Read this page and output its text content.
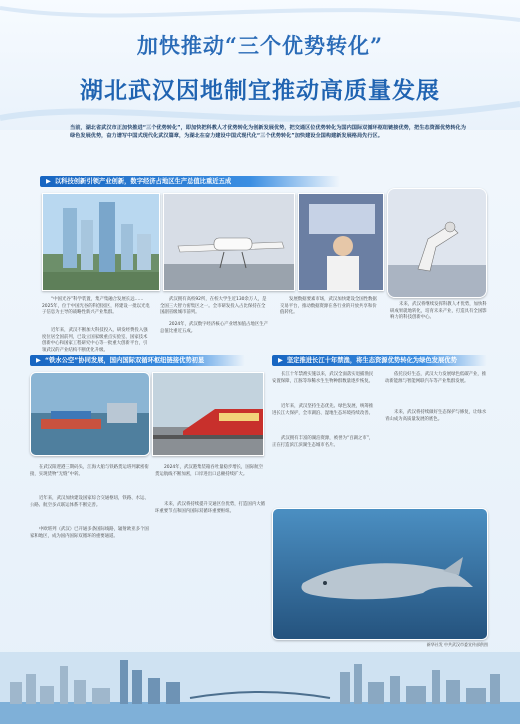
加快推动“三个优势转化”
湖北武汉因地制宜推动高质量发展
当前，湖北省武汉市正加快推进“三个优势转化”，即加快把科教人才优势转化为创新发展优势，把交通区位优势转化为国内国际双循环枢纽链接优势，把生态资源优势转化为绿色发展优势，奋力谱写中国式现代化武汉篇章，为湖北在奋力建设中国式现代化“三个优势转化”加快建设全国构建新发展格局先行区。
▶ 以科技创新引领产业创新，数字经济占地区生产总值比重近五成
“中国光谷”科学装置，集产集融合发展长远……2025年，位于中国光谷的科创园区，将建设一批以光电子信息为主导的战略性新兴产业集群。
近年来，武汉不断加大科技投入，研发经费投入强度位居全国前列，已设立国家级重点实验室、国家技术创新中心和国家工程研究中心等一批重大创新平台，引领武汉的产业结构不断优化升级。
武汉拥有高校92所，在校大学生近130余万人，是全国三大智力密集区之一。全市研发投入占比保持在全国副省级城市前列。
2024年，武汉数字经济核心产业增加值占地区生产总值比重近五成。
发展数据要素市场，武汉加快建设全国性数据交易平台，推动数据资源在各行业的开放共享和价值转化。
未来，武汉将继续发挥科教人才优势，加快科研成果就地转化，培育未来产业，打造具有全国影响力的科技创新中心。
▶ “铁水公空”协同发展，国内国际双循环枢纽链接优势初显
在武汉阳逻港三期码头，江海大船与铁路货运班列紧密衔接，实现货物“无缝”中转。
近年来，武汉加快建设国家综合交通枢纽，铁路、水运、公路、航空多式联运体系不断完善。
中欧班列（武汉）已开通多条国际线路，辐射欧亚多个国家和地区，成为国内国际双循环的重要通道。
2024年，武汉港集装箱吞吐量稳步增长，国际航空货运航线不断加密，口岸进出口总额持续扩大。
未来，武汉将持续提升交通区位优势，打造国内大循环重要节点和国内国际双循环重要枢纽。
▶ 坚定推进长江十年禁渔，将生态资源优势转化为绿色发展优势
长江十年禁渔实施以来，武汉全面落实退捕渔民安置保障，江豚等珍稀水生生物种群数量逐步恢复。
近年来，武汉坚持生态优先、绿色发展，统筹推进长江大保护，全市湖泊、湿地生态环境持续改善。
武汉拥有丰富的湖泊资源，被誉为“百湖之市”，正在打造滨江滨湖生态城市名片。
依托良好生态，武汉大力发展绿色低碳产业，推动新能源与智能网联汽车等产业集群发展。
未来，武汉将持续做好生态保护与修复，让绿水青山成为高质量发展的底色。
新华社发 中共武汉市委宣传部供图
